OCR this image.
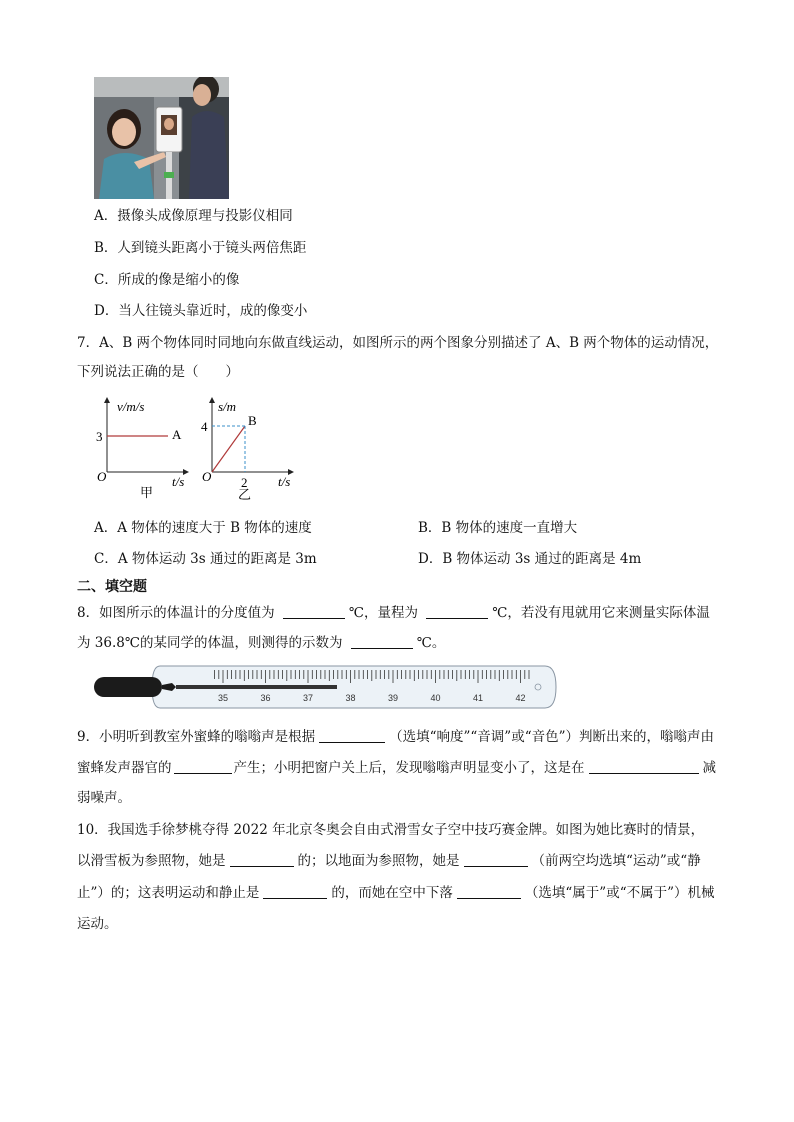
A．摄像头成像原理与投影仪相同
B．人到镜头距离小于镜头两倍焦距
C．所成的像是缩小的像
D．当人往镜头靠近时，成的像变小
7．A、B 两个物体同时同地向东做直线运动，如图所示的两个图象分别描述了 A、B 两个物体的运动情况，
下列说法正确的是（　　）
v/m/s
3	A
O	t/s
甲
s/m
4	B
O 2 t/s
乙
A．A 物体的速度大于 B 物体的速度	B．B 物体的速度一直增大
C．A 物体运动 3s 通过的距离是 3m	D．B 物体运动 3s 通过的距离是 4m
二、填空题
8．如图所示的体温计的分度值为	℃，量程为	℃，若没有甩就用它来测量实际体温
为 36.8℃的某同学的体温，则测得的示数为	℃。
35	36	37	38	39	40	41	42
9．小明听到教室外蜜蜂的嗡嗡声是根据	（选填“响度”“音调”或“音色”）判断出来的，嗡嗡声由
蜜蜂发声器官的	产生；小明把窗户关上后，发现嗡嗡声明显变小了，这是在	减
弱噪声。
10．我国选手徐梦桃夺得 2022 年北京冬奥会自由式滑雪女子空中技巧赛金牌。如图为她比赛时的情景，
以滑雪板为参照物，她是	的；以地面为参照物，她是	（前两空均选填“运动”或“静
止”）的；这表明运动和静止是	的，而她在空中下落	（选填“属于”或“不属于”）机械
运动。
